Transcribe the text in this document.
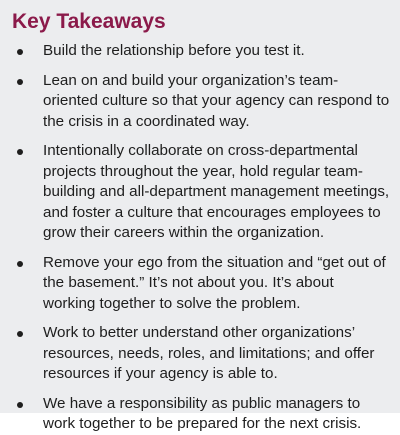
Key Takeaways
Build the relationship before you test it.
Lean on and build your organization’s team-oriented culture so that your agency can respond to the crisis in a coordinated way.
Intentionally collaborate on cross-departmental projects throughout the year, hold regular team-building and all-department management meetings, and foster a culture that encourages employees to grow their careers within the organization.
Remove your ego from the situation and “get out of the basement.” It’s not about you. It’s about working together to solve the problem.
Work to better understand other organizations’ resources, needs, roles, and limitations; and offer resources if your agency is able to.
We have a responsibility as public managers to work together to be prepared for the next crisis.
